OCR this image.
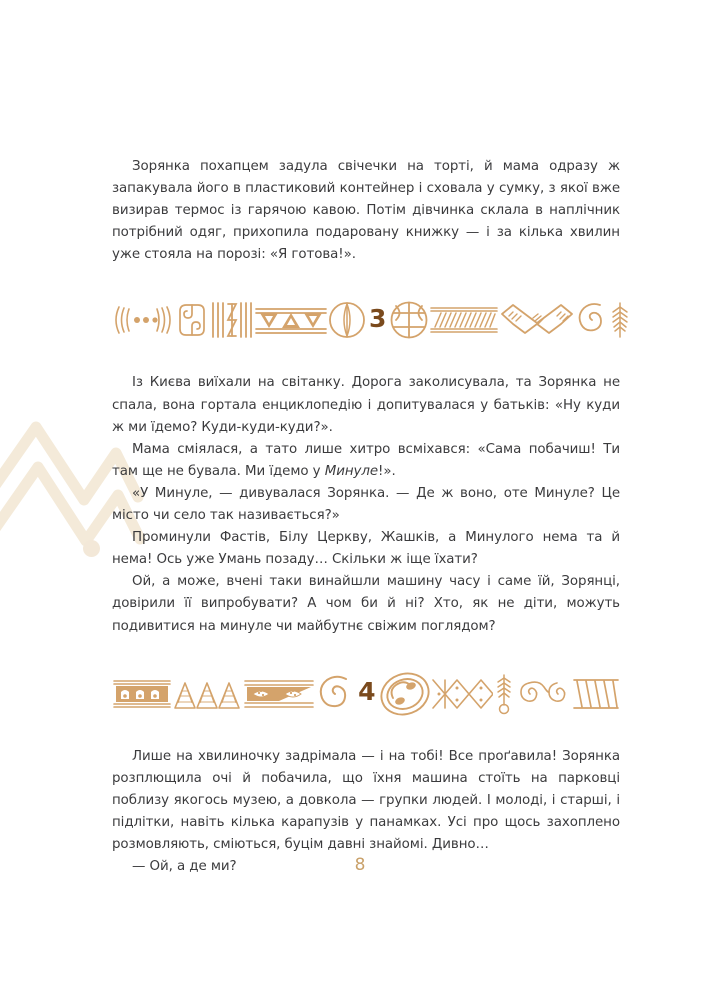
Зорянка похапцем задула свічечки на торті, й мама одразу ж запакувала його в пластиковий контейнер і сховала у сумку, з якої вже визирав термос із гарячою кавою. Потім дівчинка склала в наплічник потрібний одяг, прихопила подаровану книжку — і за кілька хвилин уже стояла на порозі: «Я готова!».

3

Із Києва виїхали на світанку. Дорога заколисувала, та Зорянка не спала, вона гортала енциклопедію і допитувалася у батьків: «Ну куди ж ми їдемо? Куди-куди-куди?».

Мама сміялася, а тато лише хитро всміхався: «Сама побачиш! Ти там ще не бувала. Ми їдемо у Минуле!».

«У Минуле, — дивувалася Зорянка. — Де ж воно, оте Минуле? Це місто чи село так називається?»

Проминули Фастів, Білу Церкву, Жашків, а Минулого нема та й нема! Ось уже Умань позаду… Скільки ж іще їхати?

Ой, а може, вчені таки винайшли машину часу і саме їй, Зорянці, довірили її випробувати? А чом би й ні? Хто, як не діти, можуть подивитися на минуле чи майбутнє свіжим поглядом?

4

Лише на хвилиночку задрімала — і на тобі! Все проґавила! Зорянка розплющила очі й побачила, що їхня машина стоїть на парковці поблизу якогось музею, а довкола — групки людей. І молоді, і старші, і підлітки, навіть кілька карапузів у панамках. Усі про щось захоплено розмовляють, сміються, буцім давні знайомі. Дивно…

— Ой, а де ми?	8
